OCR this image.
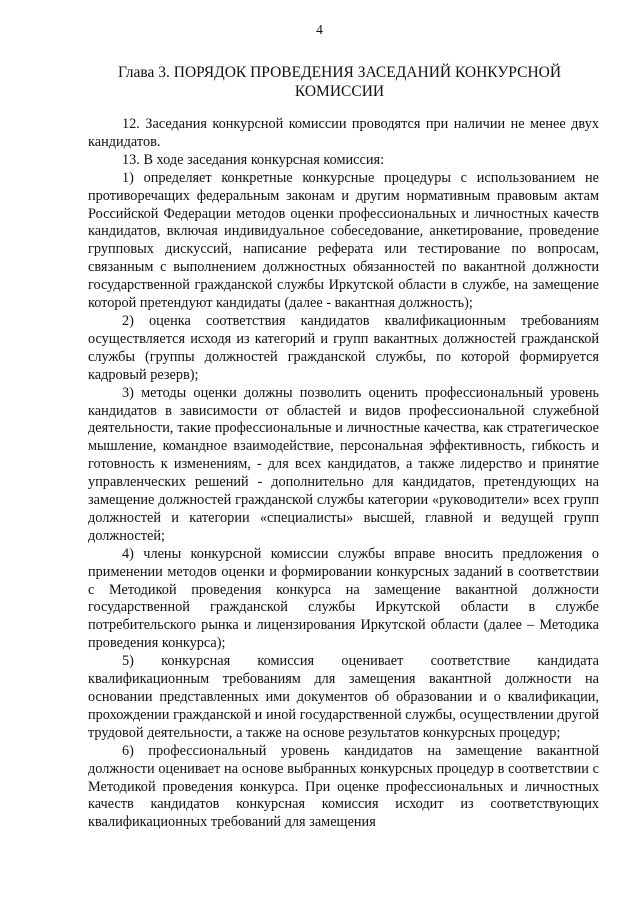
4
Глава 3. ПОРЯДОК ПРОВЕДЕНИЯ ЗАСЕДАНИЙ КОНКУРСНОЙ
КОМИССИИ

12. Заседания конкурсной комиссии проводятся при наличии не менее двух кандидатов.

13. В ходе заседания конкурсная комиссия:

1) определяет конкретные конкурсные процедуры с использованием не противоречащих федеральным законам и другим нормативным правовым актам Российской Федерации методов оценки профессиональных и личностных качеств кандидатов, включая индивидуальное собеседование, анкетирование, проведение групповых дискуссий, написание реферата или тестирование по вопросам, связанным с выполнением должностных обязанностей по вакантной должности государственной гражданской службы Иркутской области в службе, на замещение которой претендуют кандидаты (далее - вакантная должность);

2) оценка соответствия кандидатов квалификационным требованиям осуществляется исходя из категорий и групп вакантных должностей гражданской службы (группы должностей гражданской службы, по которой формируется кадровый резерв);

3) методы оценки должны позволить оценить профессиональный уровень кандидатов в зависимости от областей и видов профессиональной служебной деятельности, такие профессиональные и личностные качества, как стратегическое мышление, командное взаимодействие, персональная эффективность, гибкость и готовность к изменениям, - для всех кандидатов, а также лидерство и принятие управленческих решений - дополнительно для кандидатов, претендующих на замещение должностей гражданской службы категории «руководители» всех групп должностей и категории «специалисты» высшей, главной и ведущей групп должностей;

4) члены конкурсной комиссии службы вправе вносить предложения о применении методов оценки и формировании конкурсных заданий в соответствии с Методикой проведения конкурса на замещение вакантной должности государственной гражданской службы Иркутской области в службе потребительского рынка и лицензирования Иркутской области (далее – Методика проведения конкурса);

5) конкурсная комиссия оценивает соответствие кандидата квалификационным требованиям для замещения вакантной должности на основании представленных ими документов об образовании и о квалификации, прохождении гражданской и иной государственной службы, осуществлении другой трудовой деятельности, а также на основе результатов конкурсных процедур;

6) профессиональный уровень кандидатов на замещение вакантной должности оценивает на основе выбранных конкурсных процедур в соответствии с Методикой проведения конкурса. При оценке профессиональных и личностных качеств кандидатов конкурсная комиссия исходит из соответствующих квалификационных требований для замещения
